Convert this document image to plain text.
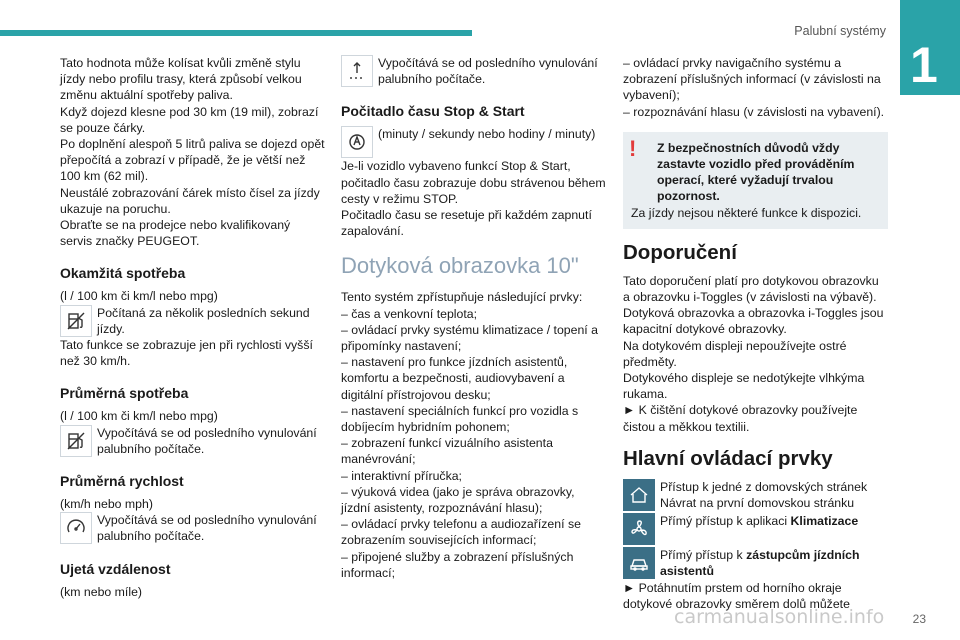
Palubní systémy
1

Tato hodnota může kolísat kvůli změně stylu jízdy nebo profilu trasy, která způsobí velkou změnu aktuální spotřeby paliva.

Když dojezd klesne pod 30 km (19 mil), zobrazí se pouze čárky.

Po doplnění alespoň 5 litrů paliva se dojezd opět přepočítá a zobrazí v případě, že je větší než 100 km (62 mil).

Neustálé zobrazování čárek místo čísel za jízdy ukazuje na poruchu.

Obraťte se na prodejce nebo kvalifikovaný servis značky PEUGEOT.

Okamžitá spotřeba

(l / 100 km či km/l nebo mpg)

Počítaná za několik posledních sekund jízdy.

Tato funkce se zobrazuje jen při rychlosti vyšší než 30 km/h.

Průměrná spotřeba

(l / 100 km či km/l nebo mpg)

Vypočítává se od posledního vynulování palubního počítače.

Průměrná rychlost

(km/h nebo mph)

Vypočítává se od posledního vynulování palubního počítače.

Ujetá vzdálenost

(km nebo míle)

Vypočítává se od posledního vynulování palubního počítače.

Počitadlo času Stop & Start

(minuty / sekundy nebo hodiny / minuty)

Je-li vozidlo vybaveno funkcí Stop & Start, počitadlo času zobrazuje dobu strávenou během cesty v režimu STOP.

Počitadlo času se resetuje při každém zapnutí zapalování.

Dotyková obrazovka 10"

Tento systém zpřístupňuje následující prvky:

– čas a venkovní teplota;

– ovládací prvky systému klimatizace / topení a připomínky nastavení;

– nastavení pro funkce jízdních asistentů, komfortu a bezpečnosti, audiovybavení a digitální přístrojovou desku;

– nastavení speciálních funkcí pro vozidla s dobíjecím hybridním pohonem;

– zobrazení funkcí vizuálního asistenta manévrování;

– interaktivní příručka;

– výuková videa (jako je správa obrazovky, jízdní asistenty, rozpoznávání hlasu);

– ovládací prvky telefonu a audiozařízení se zobrazením souvisejících informací;

– připojené služby a zobrazení příslušných informací;

– ovládací prvky navigačního systému a zobrazení příslušných informací (v závislosti na vybavení);

– rozpoznávání hlasu (v závislosti na vybavení).

!	Z bezpečnostních důvodů vždy zastavte vozidlo před prováděním operací, které vyžadují trvalou pozornost.

Za jízdy nejsou některé funkce k dispozici.

Doporučení

Tato doporučení platí pro dotykovou obrazovku a obrazovku i-Toggles (v závislosti na výbavě).

Dotyková obrazovka a obrazovka i-Toggles jsou kapacitní dotykové obrazovky.

Na dotykovém displeji nepoužívejte ostré předměty.

Dotykového displeje se nedotýkejte vlhkýma rukama.

► K čištění dotykové obrazovky používejte čistou a měkkou textilii.

Hlavní ovládací prvky

Přístup k jedné z domovských stránek

Návrat na první domovskou stránku

Přímý přístup k aplikaci Klimatizace

Přímý přístup k zástupcům jízdních asistentů

► Potáhnutím prstem od horního okraje dotykové obrazovky směrem dolů můžete

carmanualsonline.info 23
